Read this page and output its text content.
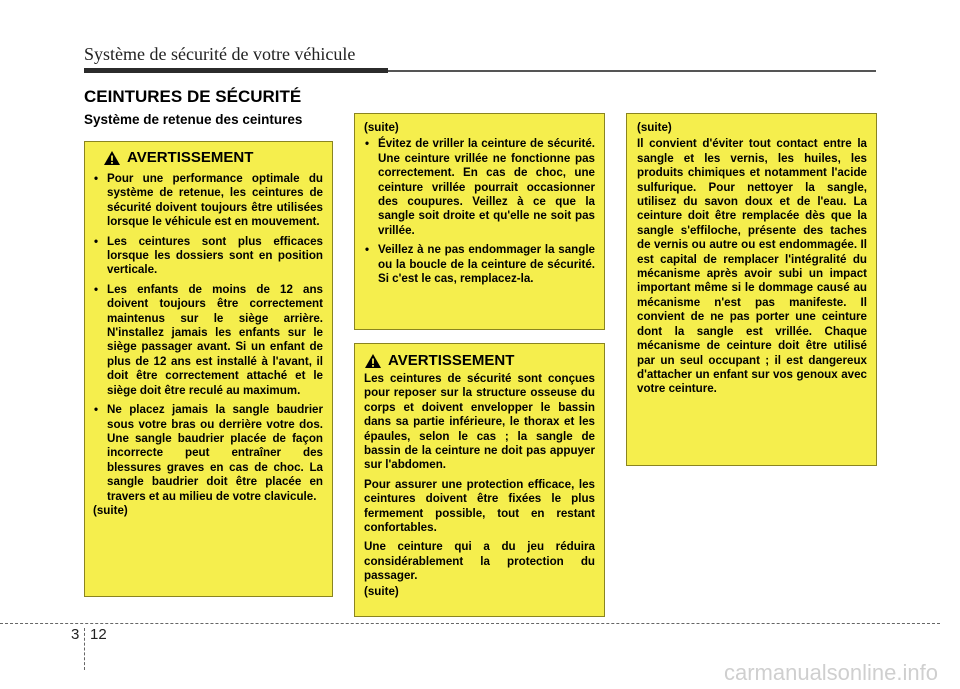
Système de sécurité de votre véhicule
CEINTURES DE SÉCURITÉ
Système de retenue des ceintures
AVERTISSEMENT
• Pour une performance optimale du système de retenue, les ceintures de sécurité doivent toujours être utilisées lorsque le véhicule est en mouvement.
• Les ceintures sont plus efficaces lorsque les dossiers sont en position verticale.
• Les enfants de moins de 12 ans doivent toujours être correctement maintenus sur le siège arrière. N'installez jamais les enfants sur le siège passager avant. Si un enfant de plus de 12 ans est installé à l'avant, il doit être correctement attaché et le siège doit être reculé au maximum.
• Ne placez jamais la sangle baudrier sous votre bras ou derrière votre dos. Une sangle baudrier placée de façon incorrecte peut entraîner des blessures graves en cas de choc. La sangle baudrier doit être placée en travers et au milieu de votre clavicule.

(suite)

(suite)

• Évitez de vriller la ceinture de sécurité. Une ceinture vrillée ne fonctionne pas correctement. En cas de choc, une ceinture vrillée pourrait occasionner des coupures. Veillez à ce que la sangle soit droite et qu'elle ne soit pas vrillée.
• Veillez à ne pas endommager la sangle ou la boucle de la ceinture de sécurité. Si c'est le cas, remplacez-la.
AVERTISSEMENT

Les ceintures de sécurité sont conçues pour reposer sur la structure osseuse du corps et doivent envelopper le bassin dans sa partie inférieure, le thorax et les épaules, selon le cas ; la sangle de bassin de la ceinture ne doit pas appuyer sur l'abdomen.

Pour assurer une protection efficace, les ceintures doivent être fixées le plus fermement possible, tout en restant confortables.

Une ceinture qui a du jeu réduira considérablement la protection du passager.

(suite)

(suite)

Il convient d'éviter tout contact entre la sangle et les vernis, les huiles, les produits chimiques et notamment l'acide sulfurique. Pour nettoyer la sangle, utilisez du savon doux et de l'eau. La ceinture doit être remplacée dès que la sangle s'effiloche, présente des taches de vernis ou autre ou est endommagée. Il est capital de remplacer l'intégralité du mécanisme après avoir subi un impact important même si le dommage causé au mécanisme n'est pas manifeste. Il convient de ne pas porter une ceinture dont la sangle est vrillée. Chaque mécanisme de ceinture doit être utilisé par un seul occupant ; il est dangereux d'attacher un enfant sur vos genoux avec votre ceinture.

3 12
carmanualsonline.info
